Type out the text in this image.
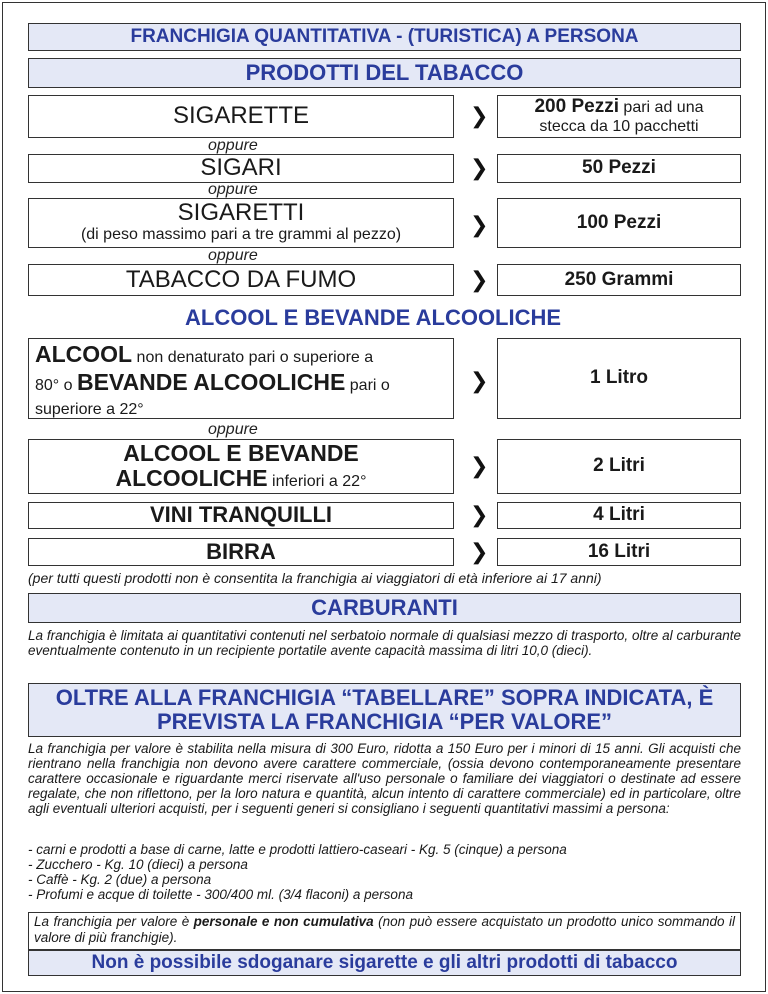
FRANCHIGIA QUANTITATIVA - (TURISTICA) A PERSONA
PRODOTTI DEL TABACCO
SIGARETTE	❯	200 Pezzi pari ad una
stecca da 10 pacchetti
oppure
SIGARI	❯	50 Pezzi
oppure
SIGARETTI
(di peso massimo pari a tre grammi al pezzo)	❯	100 Pezzi
oppure
TABACCO DA FUMO	❯	250 Grammi
ALCOOL E BEVANDE ALCOOLICHE
ALCOOL non denaturato pari o superiore a
80° o BEVANDE ALCOOLICHE pari o
superiore a 22°
❯	1 Litro
oppure
ALCOOL E BEVANDE
ALCOOLICHE inferiori a 22°
❯	2 Litri
VINI TRANQUILLI	❯	4 Litri
BIRRA	❯	16 Litri
(per tutti questi prodotti non è consentita la franchigia ai viaggiatori di età inferiore ai 17 anni)
CARBURANTI
La franchigia è limitata ai quantitativi contenuti nel serbatoio normale di qualsiasi mezzo di trasporto, oltre al carburante eventualmente contenuto in un recipiente portatile avente capacità massima di litri 10,0 (dieci).
OLTRE ALLA FRANCHIGIA “TABELLARE” SOPRA INDICATA, È
PREVISTA LA FRANCHIGIA “PER VALORE”
La franchigia per valore è stabilita nella misura di 300 Euro, ridotta a 150 Euro per i minori di 15 anni. Gli acquisti che rientrano nella franchigia non devono avere carattere commerciale, (ossia devono contemporaneamente presentare carattere occasionale e riguardante merci riservate all'uso personale o familiare dei viaggiatori o destinate ad essere regalate, che non riflettono, per la loro natura e quantità, alcun intento di carattere commerciale) ed in particolare, oltre agli eventuali ulteriori acquisti, per i seguenti generi si consigliano i seguenti quantitativi massimi a persona:
- carni e prodotti a base di carne, latte e prodotti lattiero-caseari - Kg. 5 (cinque) a persona
- Zucchero - Kg. 10 (dieci) a persona
- Caffè - Kg. 2 (due) a persona
- Profumi e acque di toilette - 300/400 ml. (3/4 flaconi) a persona
La franchigia per valore è personale e non cumulativa (non può essere acquistato un prodotto unico sommando il valore di più franchigie).
Non è possibile sdoganare sigarette e gli altri prodotti di tabacco
